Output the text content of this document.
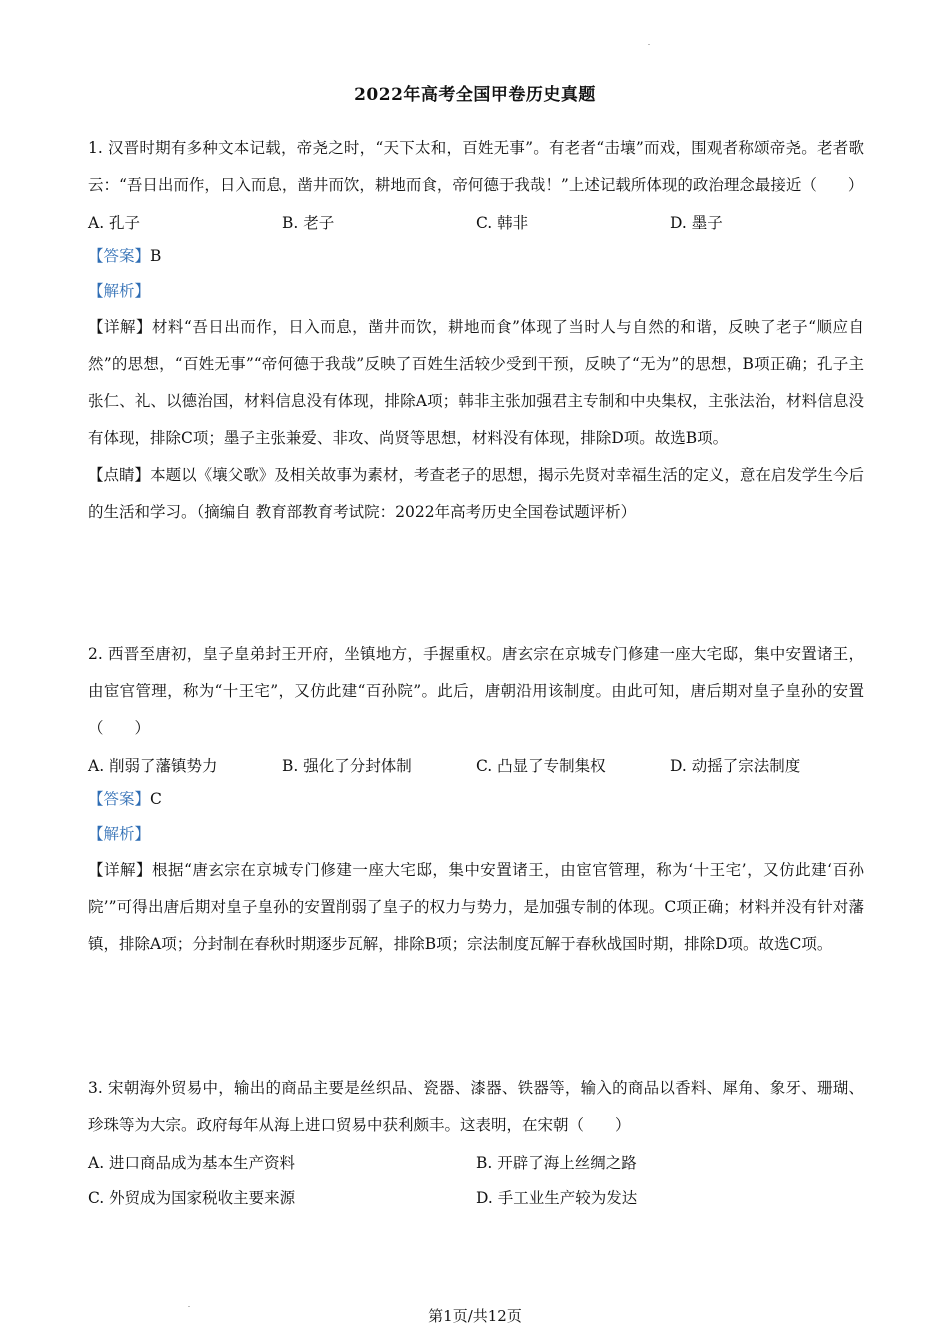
2022年高考全国甲卷历史真题

1. 汉晋时期有多种文本记载，帝尧之时，“天下太和，百姓无事”。有老者“击壤”而戏，围观者称颂帝尧。老者歌云：“吾日出而作，日入而息，凿井而饮，耕地而食，帝何德于我哉！”上述记载所体现的政治理念最接近（　　）

A. 孔子	B. 老子	C. 韩非	D. 墨子
【答案】B
【解析】

【详解】材料“吾日出而作，日入而息，凿井而饮，耕地而食”体现了当时人与自然的和谐，反映了老子“顺应自然”的思想，“百姓无事”“帝何德于我哉”反映了百姓生活较少受到干预，反映了“无为”的思想，B项正确；孔子主张仁、礼、以德治国，材料信息没有体现，排除A项；韩非主张加强君主专制和中央集权，主张法治，材料信息没有体现，排除C项；墨子主张兼爱、非攻、尚贤等思想，材料没有体现，排除D项。故选B项。

【点睛】本题以《壤父歌》及相关故事为素材，考查老子的思想，揭示先贤对幸福生活的定义，意在启发学生今后的生活和学习。（摘编自 教育部教育考试院：2022年高考历史全国卷试题评析）

2. 西晋至唐初，皇子皇弟封王开府，坐镇地方，手握重权。唐玄宗在京城专门修建一座大宅邸，集中安置诸王，由宦官管理，称为“十王宅”，又仿此建“百孙院”。此后，唐朝沿用该制度。由此可知，唐后期对皇子皇孙的安置（　　）

A. 削弱了藩镇势力	B. 强化了分封体制	C. 凸显了专制集权	D. 动摇了宗法制度
【答案】C
【解析】

【详解】根据“唐玄宗在京城专门修建一座大宅邸，集中安置诸王，由宦官管理，称为‘十王宅’，又仿此建‘百孙院’”可得出唐后期对皇子皇孙的安置削弱了皇子的权力与势力，是加强专制的体现。C项正确；材料并没有针对藩镇，排除A项；分封制在春秋时期逐步瓦解，排除B项；宗法制度瓦解于春秋战国时期，排除D项。故选C项。

3. 宋朝海外贸易中，输出的商品主要是丝织品、瓷器、漆器、铁器等，输入的商品以香料、犀角、象牙、珊瑚、珍珠等为大宗。政府每年从海上进口贸易中获利颇丰。这表明，在宋朝（　　）

A. 进口商品成为基本生产资料	B. 开辟了海上丝绸之路
C. 外贸成为国家税收主要来源	D. 手工业生产较为发达
第1页/共12页
